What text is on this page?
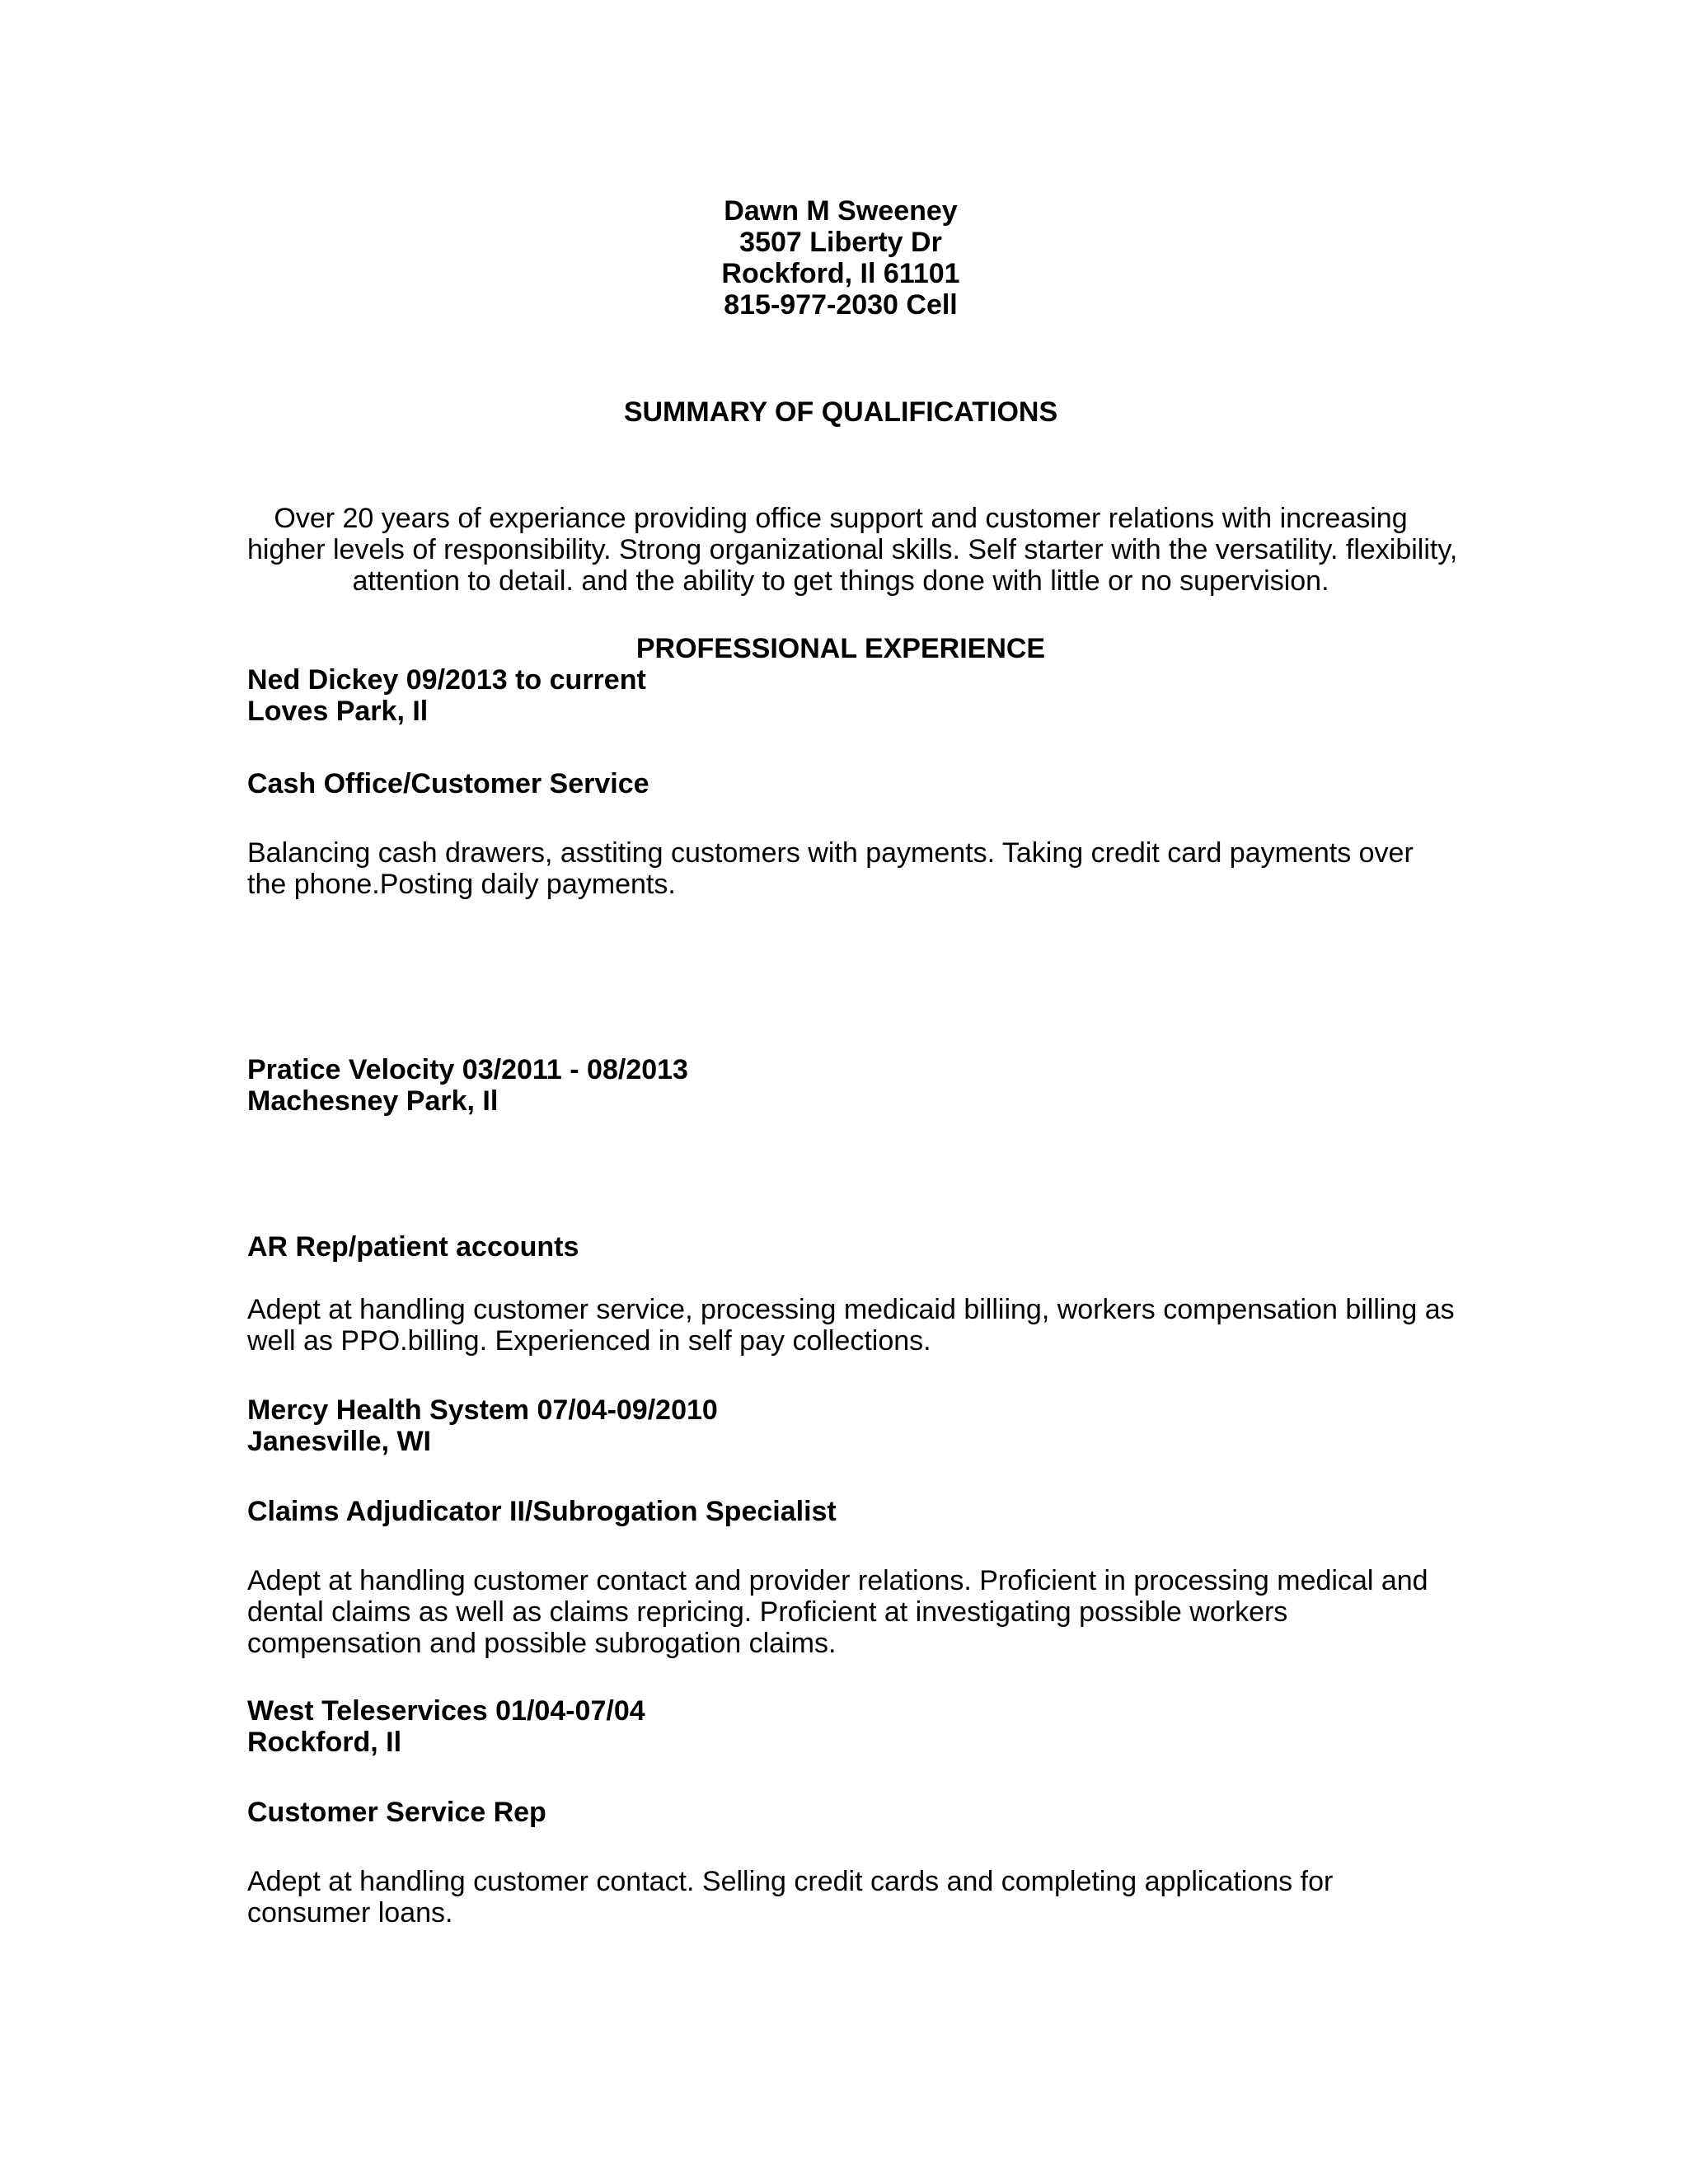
Dawn M Sweeney
3507 Liberty Dr
Rockford, Il 61101
815-977-2030 Cell
SUMMARY OF QUALIFICATIONS
Over 20 years of experiance providing office support and customer relations with increasing
higher levels of responsibility. Strong organizational skills. Self starter with the versatility. flexibility,
attention to detail. and the ability to get things done with little or no supervision.
PROFESSIONAL EXPERIENCE
Ned Dickey 09/2013 to current
Loves Park, Il
Cash Office/Customer Service
Balancing cash drawers, asstiting customers with payments. Taking credit card payments over
the phone.Posting daily payments.
Pratice Velocity 03/2011 - 08/2013
Machesney Park, Il
AR Rep/patient accounts
Adept at handling customer service, processing medicaid billiing, workers compensation billing as
well as PPO.billing. Experienced in self pay collections.
Mercy Health System 07/04-09/2010
Janesville, WI
Claims Adjudicator II/Subrogation Specialist
Adept at handling customer contact and provider relations. Proficient in processing medical and
dental claims as well as claims repricing. Proficient at investigating possible workers
compensation and possible subrogation claims.
West Teleservices 01/04-07/04
Rockford, Il
Customer Service Rep
Adept at handling customer contact. Selling credit cards and completing applications for
consumer loans.
